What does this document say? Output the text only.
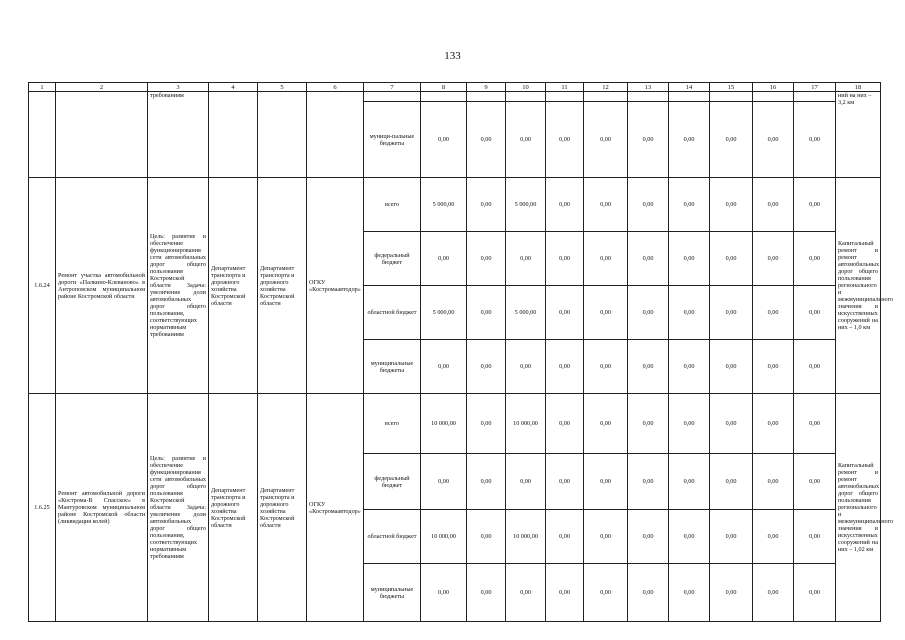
133
1	2	3	4	5	6	7	8	9	10	11	12	13	14	15	16	17	18
		требованиям															ний на них –3,2 км
						муници-пальные бюджеты	0,00	0,00	0,00	0,00	0,00	0,00	0,00	0,00	0,00	0,00	
1.6.24	Ремонт участка автомобильной дороги «Палкино-Клеваново» в Антроповском муниципальном районе Костромской области	Цель: развитие и обеспечение функционирования сети автомобильных дорог общего пользования Костромской области Задача: увеличение доли автомобильных дорог общего пользования, соответствующих нормативным требованиям	Департамент транспорта и дорожного хозяйства Костромской области	Департамент транспорта и дорожного хозяйства Костромской области	ОГКУ «Костромаавтодор»	всего	5 000,00	0,00	5 000,00	0,00	0,00	0,00	0,00	0,00	0,00	0,00	Капитальный ремонт и ремонт автомобильных дорог общего пользования регионального и межмуниципального значения и искусственных сооружений на них – 1,0 км
						федеральный бюджет	0,00	0,00	0,00	0,00	0,00	0,00	0,00	0,00	0,00	0,00	
						областной бюджет	5 000,00	0,00	5 000,00	0,00	0,00	0,00	0,00	0,00	0,00	0,00	
						муниципальные бюджеты	0,00	0,00	0,00	0,00	0,00	0,00	0,00	0,00	0,00	0,00	
1.6.25	Ремонт автомобильной дороги «Кострома-В Спасское» в Мантуровском муниципальном районе Костромской области (ликвидация колей)	Цель: развитие и обеспечение функционирования сети автомобильных дорог общего пользования Костромской области Задача: увеличение доли автомобильных дорог общего пользования, соответствующих нормативным требованиям	Департамент транспорта и дорожного хозяйства Костромской области	Департамент транспорта и дорожного хозяйства Костромской области	ОГКУ «Костромаавтодор»	всего	10 000,00	0,00	10 000,00	0,00	0,00	0,00	0,00	0,00	0,00	0,00	Капитальный ремонт и ремонт автомобильных дорог общего пользования регионального и межмуниципального значения и искусственных сооружений на них – 1,02 км
						федеральный бюджет	0,00	0,00	0,00	0,00	0,00	0,00	0,00	0,00	0,00	0,00	
						областной бюджет	10 000,00	0,00	10 000,00	0,00	0,00	0,00	0,00	0,00	0,00	0,00	
						муниципальные бюджеты	0,00	0,00	0,00	0,00	0,00	0,00	0,00	0,00	0,00	0,00	
